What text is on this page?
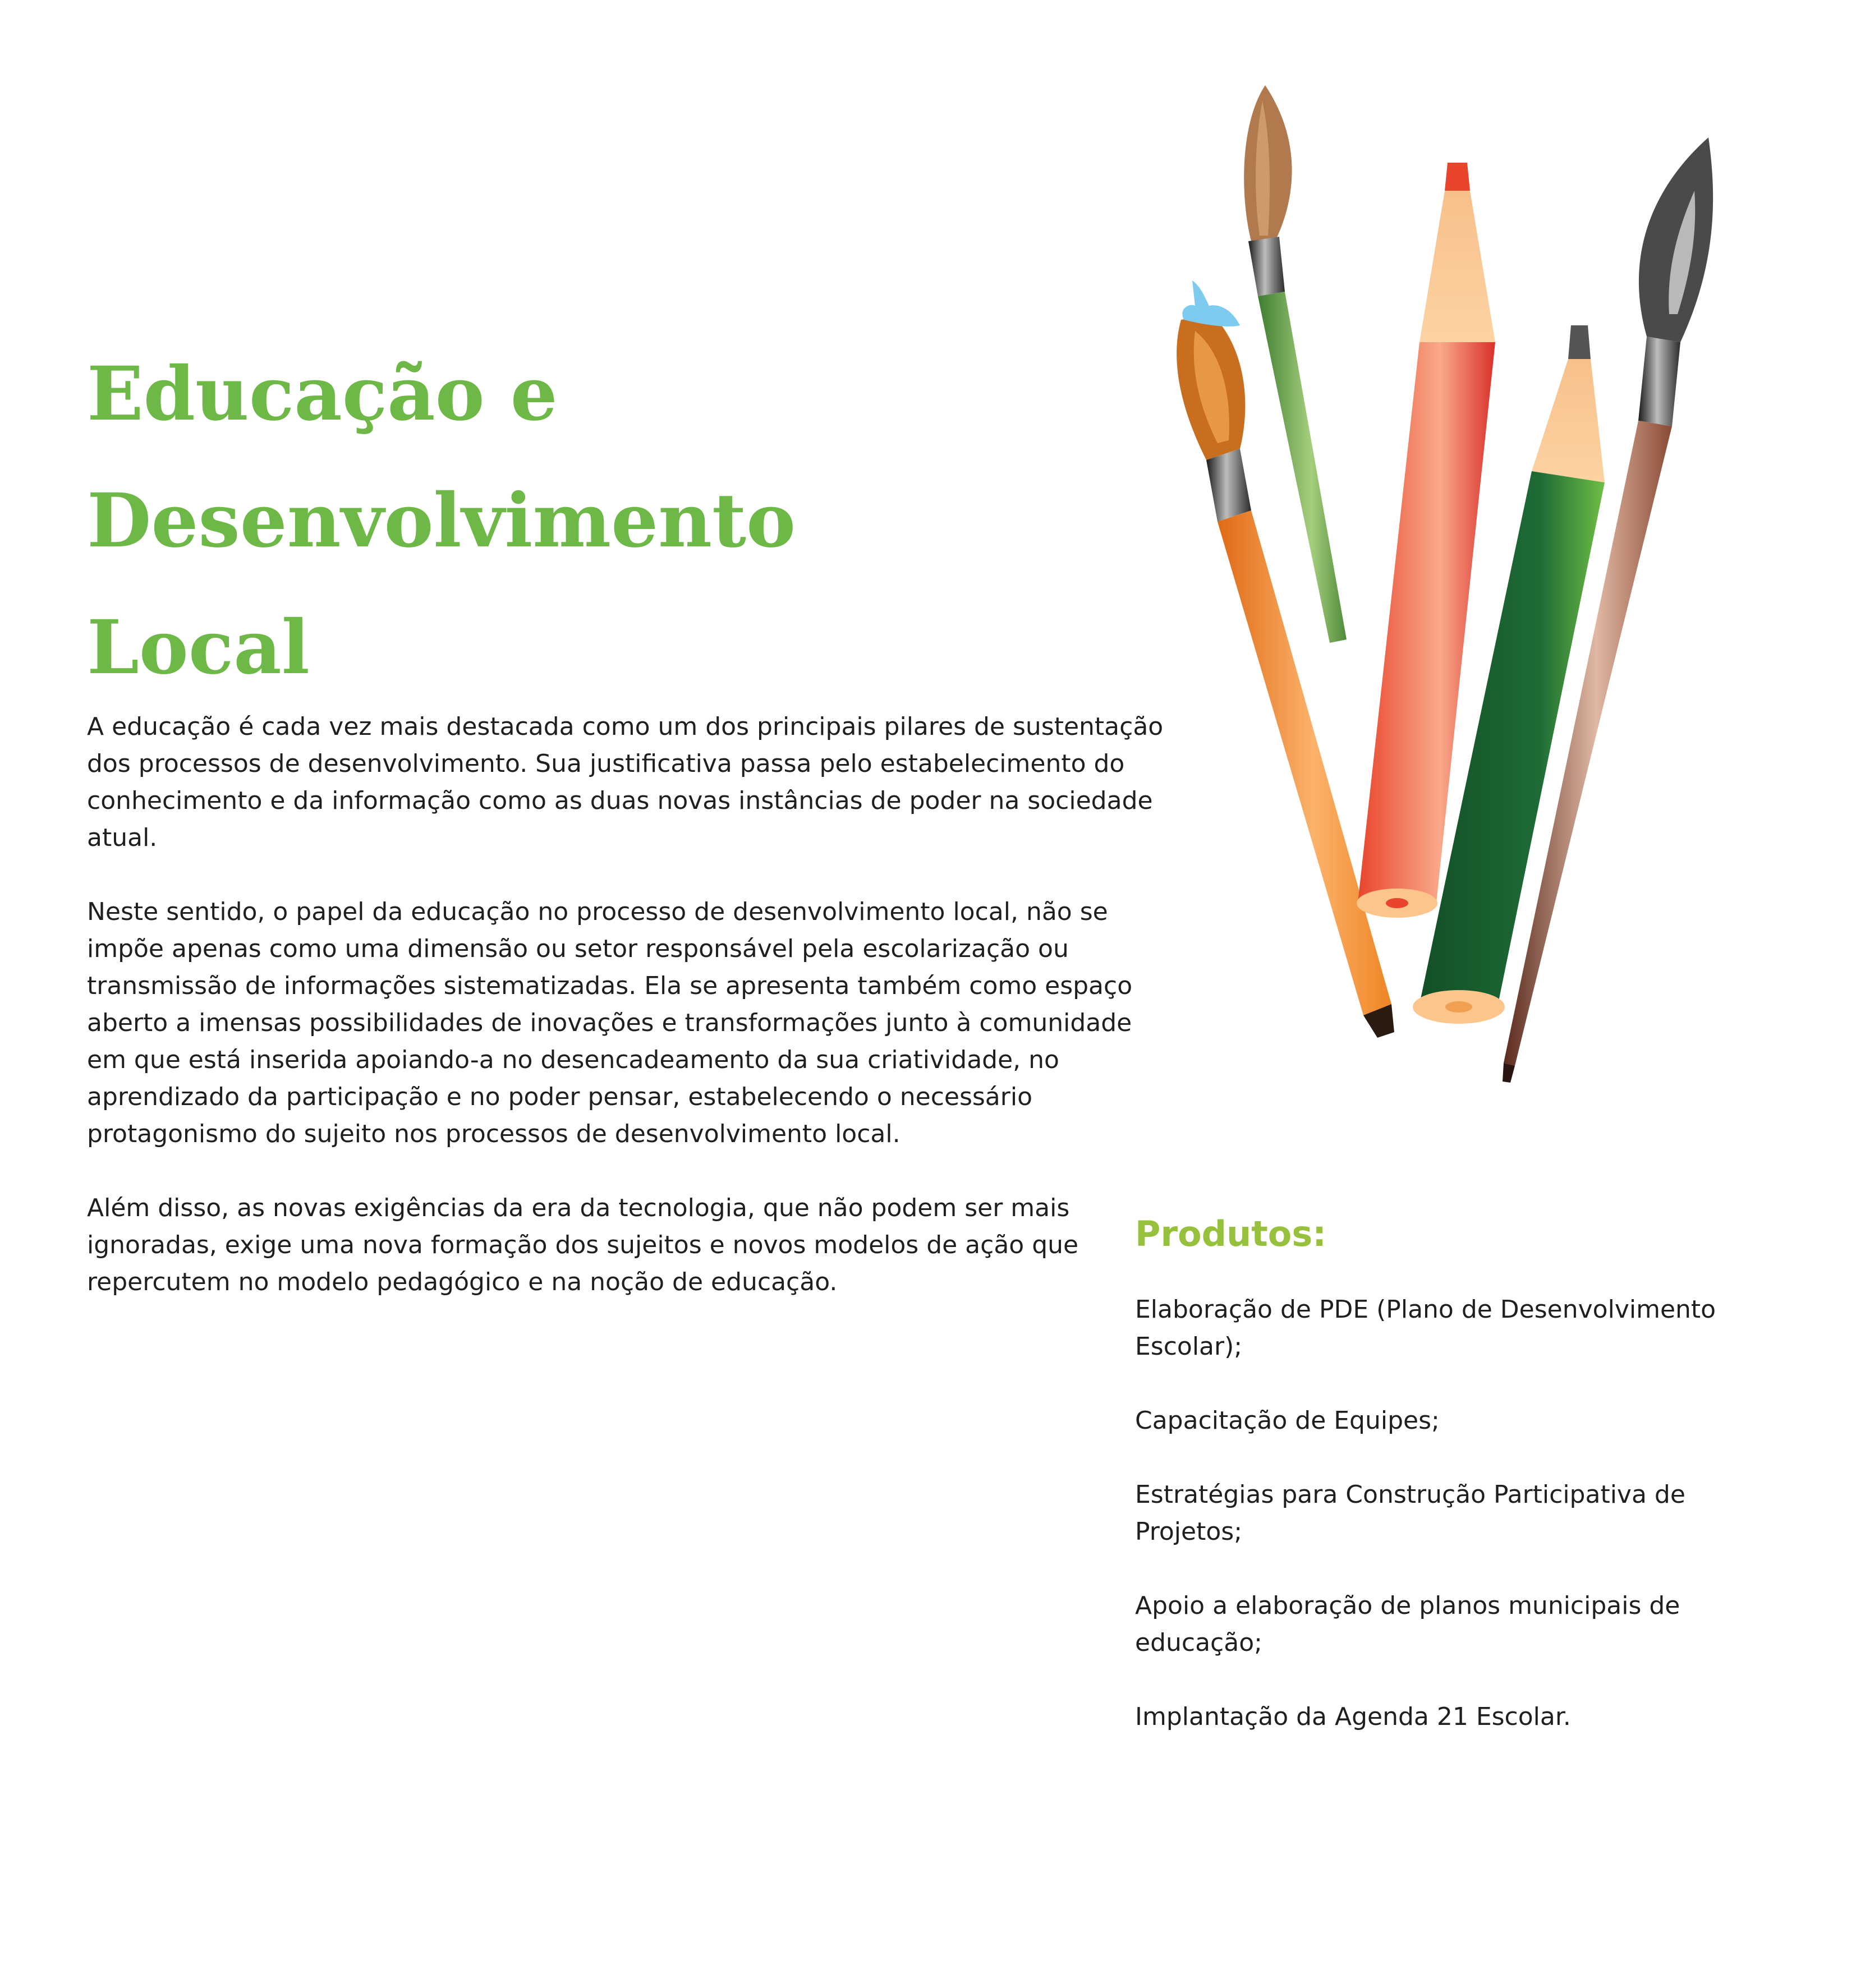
Educação e
Desenvolvimento
Local

A educação é cada vez mais destacada como um dos principais pilares de sustentação
dos processos de desenvolvimento. Sua justificativa passa pelo estabelecimento do
conhecimento e da informação como as duas novas instâncias de poder na sociedade
atual.

Neste sentido, o papel da educação no processo de desenvolvimento local, não se
impõe apenas como uma dimensão ou setor responsável pela escolarização ou
transmissão de informações sistematizadas. Ela se apresenta também como espaço
aberto a imensas possibilidades de inovações e transformações junto à comunidade
em que está inserida apoiando-a no desencadeamento da sua criatividade, no
aprendizado da participação e no poder pensar, estabelecendo o necessário
protagonismo do sujeito nos processos de desenvolvimento local.

Além disso, as novas exigências da era da tecnologia, que não podem ser mais
ignoradas, exige uma nova formação dos sujeitos e novos modelos de ação que
repercutem no modelo pedagógico e na noção de educação.

Produtos:
Elaboração de PDE (Plano de Desenvolvimento
Escolar);
Capacitação de Equipes;
Estratégias para Construção Participativa de
Projetos;
Apoio a elaboração de planos municipais de
educação;
Implantação da Agenda 21 Escolar.
